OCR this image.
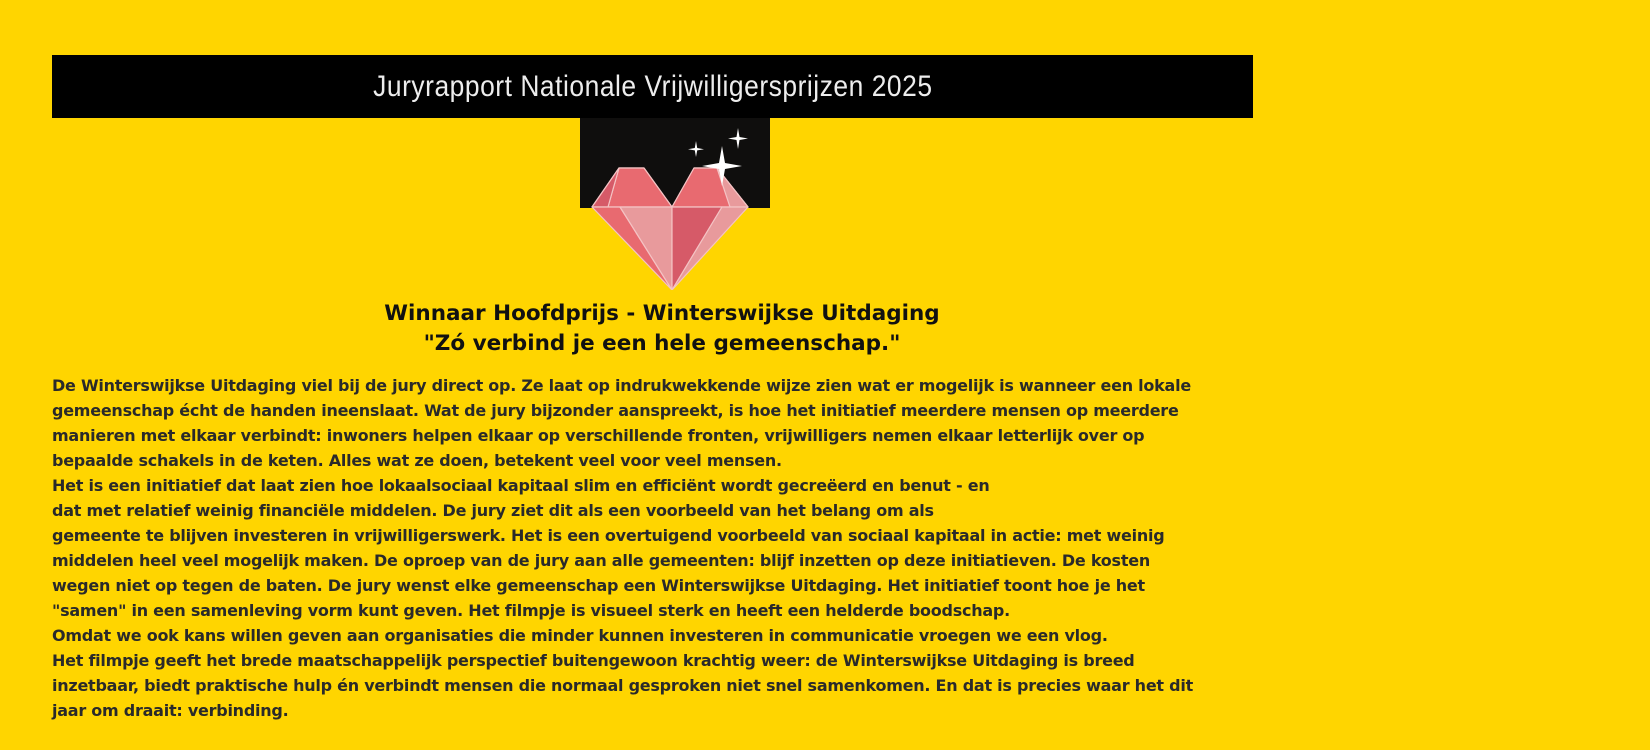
Juryrapport Nationale Vrijwilligersprijzen 2025
Winnaar Hoofdprijs - Winterswijkse Uitdaging
"Zó verbind je een hele gemeenschap."
De Winterswijkse Uitdaging viel bij de jury direct op. Ze laat op indrukwekkende wijze zien wat er mogelijk is wanneer een lokale
gemeenschap écht de handen ineenslaat. Wat de jury bijzonder aanspreekt, is hoe het initiatief meerdere mensen op meerdere
manieren met elkaar verbindt: inwoners helpen elkaar op verschillende fronten, vrijwilligers nemen elkaar letterlijk over op
bepaalde schakels in de keten. Alles wat ze doen, betekent veel voor veel mensen.
Het is een initiatief dat laat zien hoe lokaalsociaal kapitaal slim en efficiënt wordt gecreëerd en benut - en
dat met relatief weinig financiële middelen. De jury ziet dit als een voorbeeld van het belang om als
gemeente te blijven investeren in vrijwilligerswerk. Het is een overtuigend voorbeeld van sociaal kapitaal in actie: met weinig
middelen heel veel mogelijk maken. De oproep van de jury aan alle gemeenten: blijf inzetten op deze initiatieven. De kosten
wegen niet op tegen de baten. De jury wenst elke gemeenschap een Winterswijkse Uitdaging. Het initiatief toont hoe je het
"samen" in een samenleving vorm kunt geven. Het filmpje is visueel sterk en heeft een helderde boodschap.
Omdat we ook kans willen geven aan organisaties die minder kunnen investeren in communicatie vroegen we een vlog.
Het filmpje geeft het brede maatschappelijk perspectief buitengewoon krachtig weer: de Winterswijkse Uitdaging is breed
inzetbaar, biedt praktische hulp én verbindt mensen die normaal gesproken niet snel samenkomen. En dat is precies waar het dit
jaar om draait: verbinding.
